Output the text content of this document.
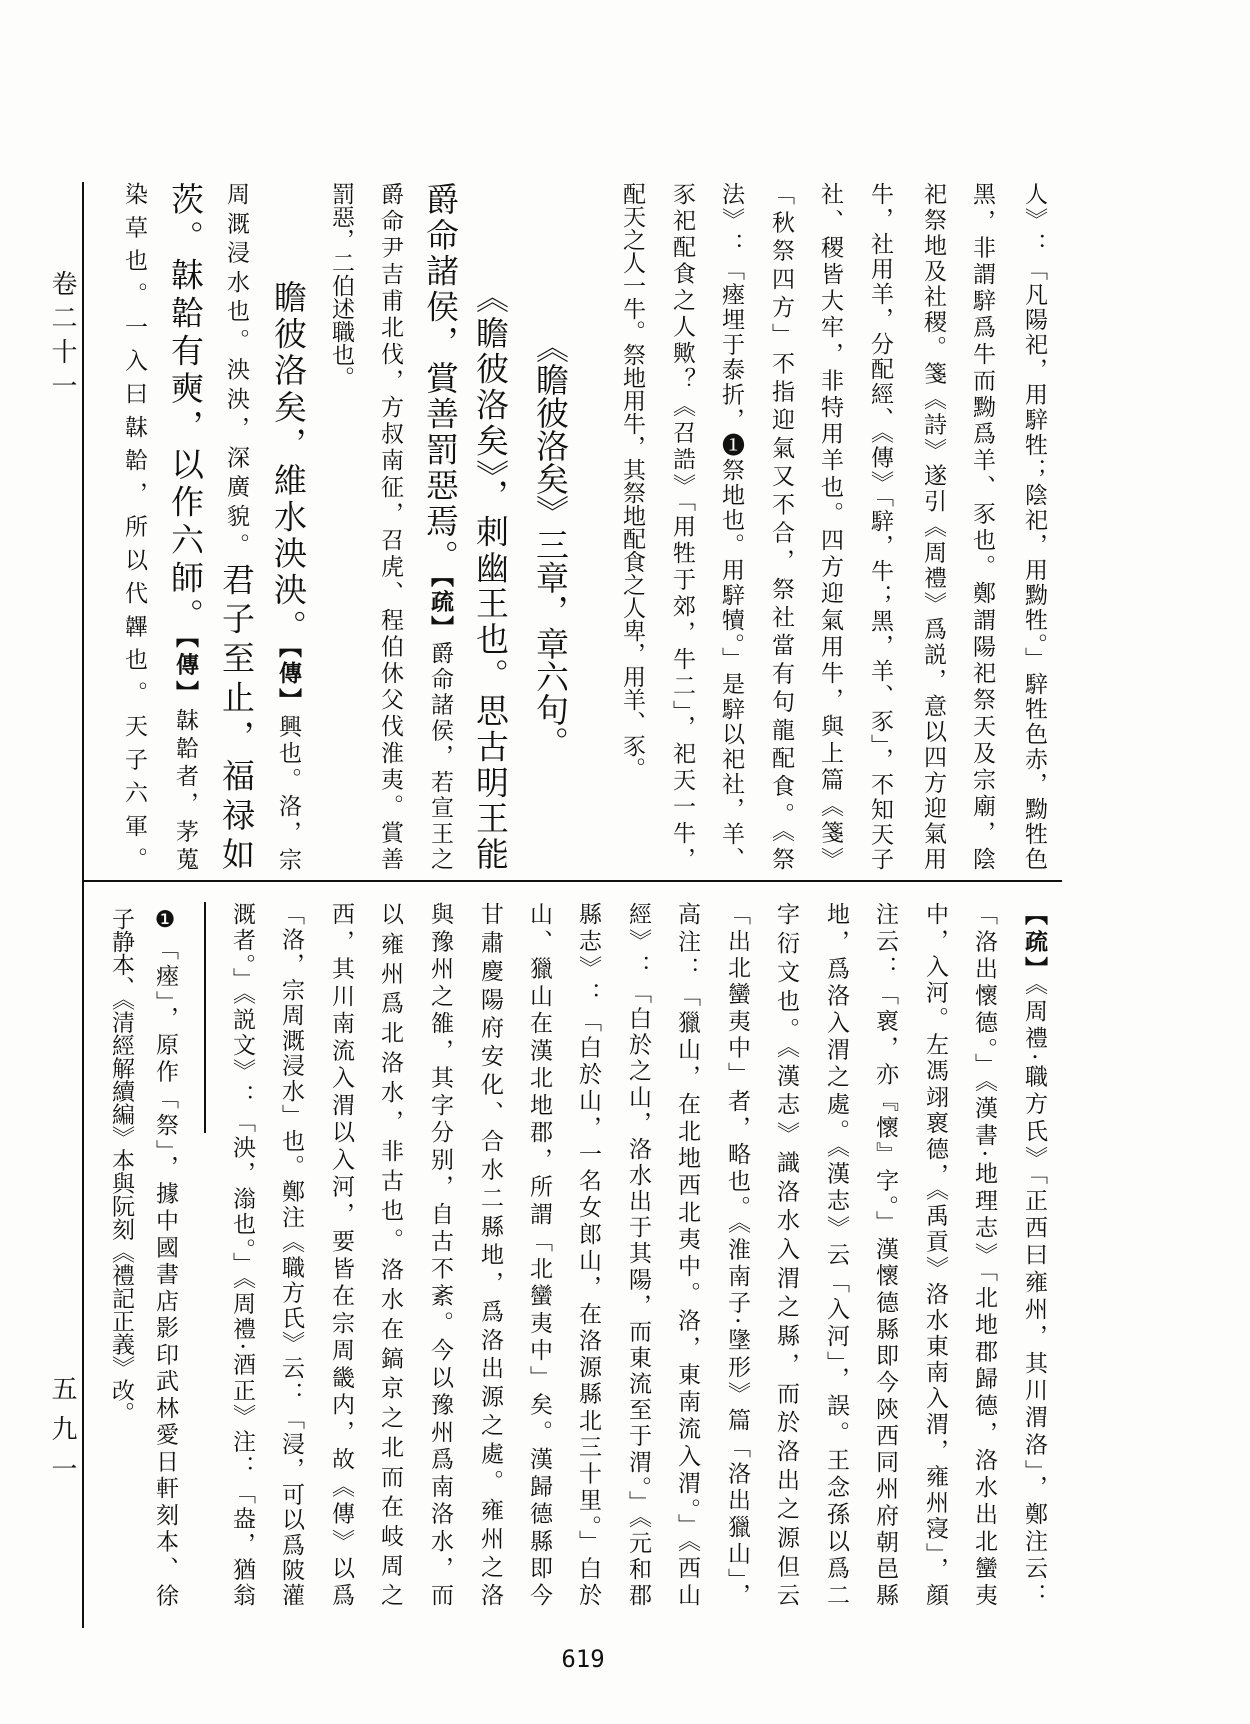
卷二十一
五九一
人》：「凡陽祀，用騂牲；陰祀，用黝牲。」騂牲色赤，黝牲色
黑，非謂騂爲牛而黝爲羊、豕也。鄭謂陽祀祭天及宗廟，陰
祀祭地及社稷。箋《詩》遂引《周禮》爲説，意以四方迎氣用
牛，社用羊，分配經、《傳》「騂，牛；黑，羊、豕」，不知天子
社、稷皆大牢，非特用羊也。四方迎氣用牛，與上篇《箋》
「秋祭四方」不指迎氣又不合，祭社當有句龍配食。《祭
法》：「瘞埋于泰折，❶祭地也。用騂犢。」是騂以祀社，羊、
豕祀配食之人歟？《召誥》「用牲于郊，牛二」，祀天一牛，
配天之人一牛。祭地用牛，其祭地配食之人卑，用羊、豕。
《瞻彼洛矣》三章，章六句。
《瞻彼洛矣》，刺幽王也。思古明王能
爵命諸侯，賞善罰惡焉。【疏】爵命諸侯，若宣王之
爵命尹吉甫北伐，方叔南征，召虎、程伯休父伐淮夷。賞善
罰惡，二伯述職也。
瞻彼洛矣，維水泱泱。【傳】興也。洛，宗
周溉浸水也。泱泱，深廣貌。君子至止，福禄如
茨。韎韐有奭，以作六師。【傳】韎韐者，茅蒐
染草也。一入曰韎韐，所以代韠也。天子六軍。
【疏】《周禮·職方氏》「正西曰雍州，其川渭洛」，鄭注云：
「洛出懷德。」《漢書·地理志》「北地郡歸德，洛水出北蠻夷
中，入河。左馮翊褱德，《禹貢》洛水東南入渭，雍州寖」，顔
注云：「褱，亦『懷』字。」漢懷德縣即今陝西同州府朝邑縣
地，爲洛入渭之處。《漢志》云「入河」，誤。王念孫以爲二
字衍文也。《漢志》識洛水入渭之縣，而於洛出之源但云
「出北蠻夷中」者，略也。《淮南子·墬形》篇「洛出獵山」，
高注：「獵山，在北地西北夷中。洛，東南流入渭。」《西山
經》：「白於之山，洛水出于其陽，而東流至于渭。」《元和郡
縣志》：「白於山，一名女郎山，在洛源縣北三十里。」白於
山、獵山在漢北地郡，所謂「北蠻夷中」矣。漢歸德縣即今
甘肅慶陽府安化、合水二縣地，爲洛出源之處。雍州之洛
與豫州之雒，其字分别，自古不紊。今以豫州爲南洛水，而
以雍州爲北洛水，非古也。洛水在鎬京之北而在岐周之
西，其川南流入渭以入河，要皆在宗周畿内，故《傳》以爲
「洛，宗周溉浸水」也。鄭注《職方氏》云：「浸，可以爲陂灌
溉者。」《説文》：「泱，滃也。」《周禮·酒正》注：「盎，猶翁
❶「瘞」，原作「祭」，據中國書店影印武林愛日軒刻本、徐
子静本、《清經解續編》本與阮刻《禮記正義》改。
619
